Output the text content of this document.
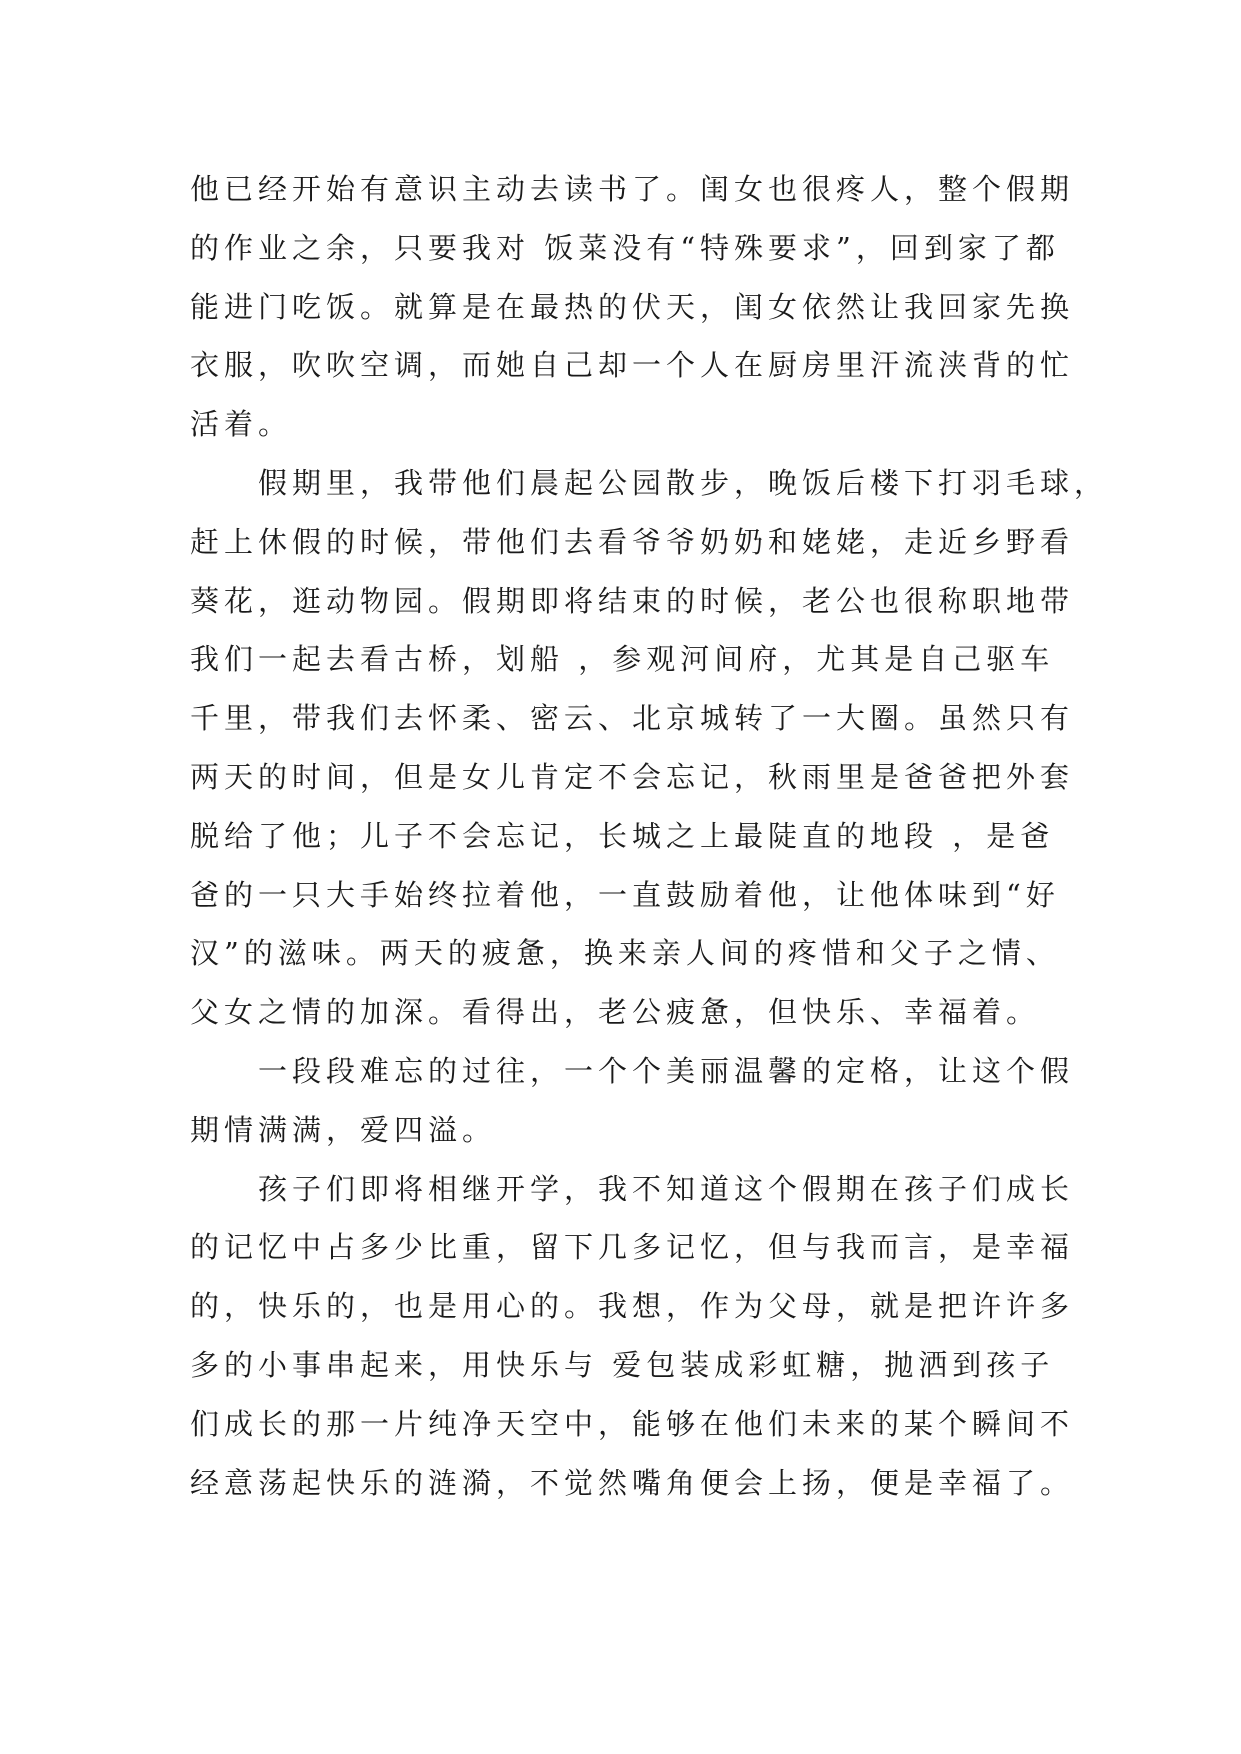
他已经开始有意识主动去读书了。闺女也很疼人，整个假期
的作业之余，只要我对 饭菜没有“特殊要求”，回到家了都
能进门吃饭。就算是在最热的伏天，闺女依然让我回家先换
衣服，吹吹空调，而她自己却一个人在厨房里汗流浃背的忙
活着。
　　假期里，我带他们晨起公园散步，晚饭后楼下打羽毛球，
赶上休假的时候，带他们去看爷爷奶奶和姥姥，走近乡野看
葵花，逛动物园。假期即将结束的时候，老公也很称职地带
我们一起去看古桥，划船 ，参观河间府，尤其是自己驱车
千里，带我们去怀柔、密云、北京城转了一大圈。虽然只有
两天的时间，但是女儿肯定不会忘记，秋雨里是爸爸把外套
脱给了他；儿子不会忘记，长城之上最陡直的地段 ，是爸
爸的一只大手始终拉着他，一直鼓励着他，让他体味到“好
汉”的滋味。两天的疲惫，换来亲人间的疼惜和父子之情、
父女之情的加深。看得出，老公疲惫，但快乐、幸福着。
　　一段段难忘的过往，一个个美丽温馨的定格，让这个假
期情满满，爱四溢。
　　孩子们即将相继开学，我不知道这个假期在孩子们成长
的记忆中占多少比重，留下几多记忆，但与我而言，是幸福
的，快乐的，也是用心的。我想，作为父母，就是把许许多
多的小事串起来，用快乐与 爱包装成彩虹糖，抛洒到孩子
们成长的那一片纯净天空中，能够在他们未来的某个瞬间不
经意荡起快乐的涟漪，不觉然嘴角便会上扬，便是幸福了。
